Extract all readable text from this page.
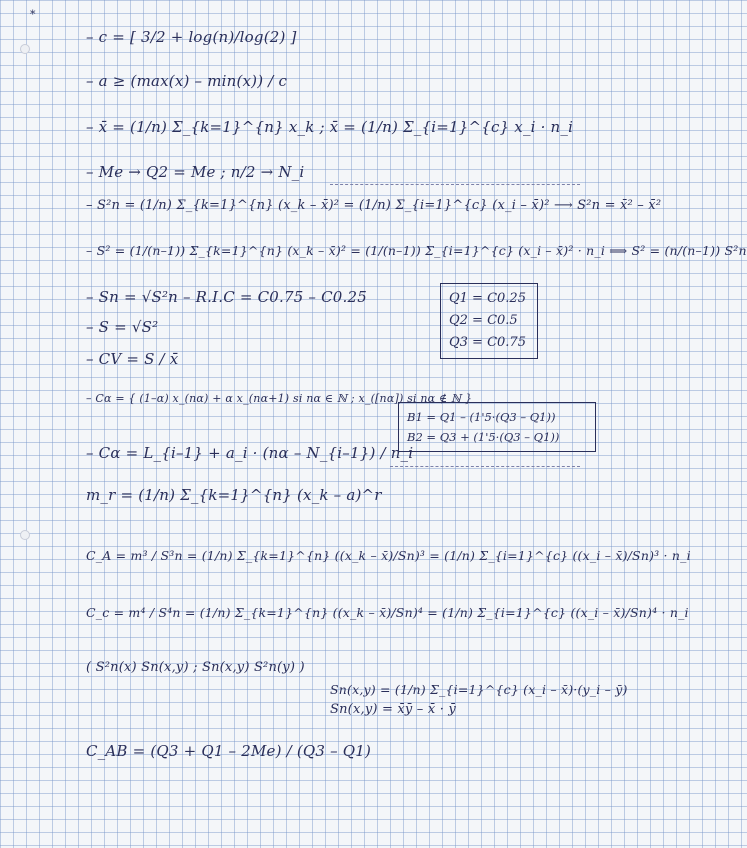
*
– c = [ 3/2 + log(n)/log(2) ]
– a ≥ (max(x) – min(x)) / c
– x̄ = (1/n) Σ_{k=1}^{n} x_k ; x̄ = (1/n) Σ_{i=1}^{c} x_i · n_i
– Me → Q2 = Me ; n/2 → N_i
– S²n = (1/n) Σ_{k=1}^{n} (x_k – x̄)² = (1/n) Σ_{i=1}^{c} (x_i – x̄)² ⟶ S²n = x̄² – x̄²
– S² = (1/(n–1)) Σ_{k=1}^{n} (x_k – x̄)² = (1/(n–1)) Σ_{i=1}^{c} (x_i – x̄)² · n_i ⟹ S² = (n/(n–1)) S²n
– Sn = √S²n – R.I.C = C0.75 – C0.25
– S = √S²
– CV = S / x̄
Q1 = C0.25
Q2 = C0.5
Q3 = C0.75
– Cα = { (1–α) x_(nα) + α x_(nα+1) si nα ∈ ℕ ; x_([nα]) si nα ∉ ℕ }
B1 = Q1 – (1'5·(Q3 – Q1))
B2 = Q3 + (1'5·(Q3 – Q1))
– Cα = L_{i–1} + a_i · (nα – N_{i–1}) / n_i
m_r = (1/n) Σ_{k=1}^{n} (x_k – a)^r
C_A = m³ / S³n = (1/n) Σ_{k=1}^{n} ((x_k – x̄)/Sn)³ = (1/n) Σ_{i=1}^{c} ((x_i – x̄)/Sn)³ · n_i
C_c = m⁴ / S⁴n = (1/n) Σ_{k=1}^{n} ((x_k – x̄)/Sn)⁴ = (1/n) Σ_{i=1}^{c} ((x_i – x̄)/Sn)⁴ · n_i
( S²n(x) Sn(x,y) ; Sn(x,y) S²n(y) )
Sn(x,y) = (1/n) Σ_{i=1}^{c} (x_i – x̄)·(y_i – ȳ)
Sn(x,y) = x̄ȳ – x̄ · ȳ
C_AB = (Q3 + Q1 – 2Me) / (Q3 – Q1)
